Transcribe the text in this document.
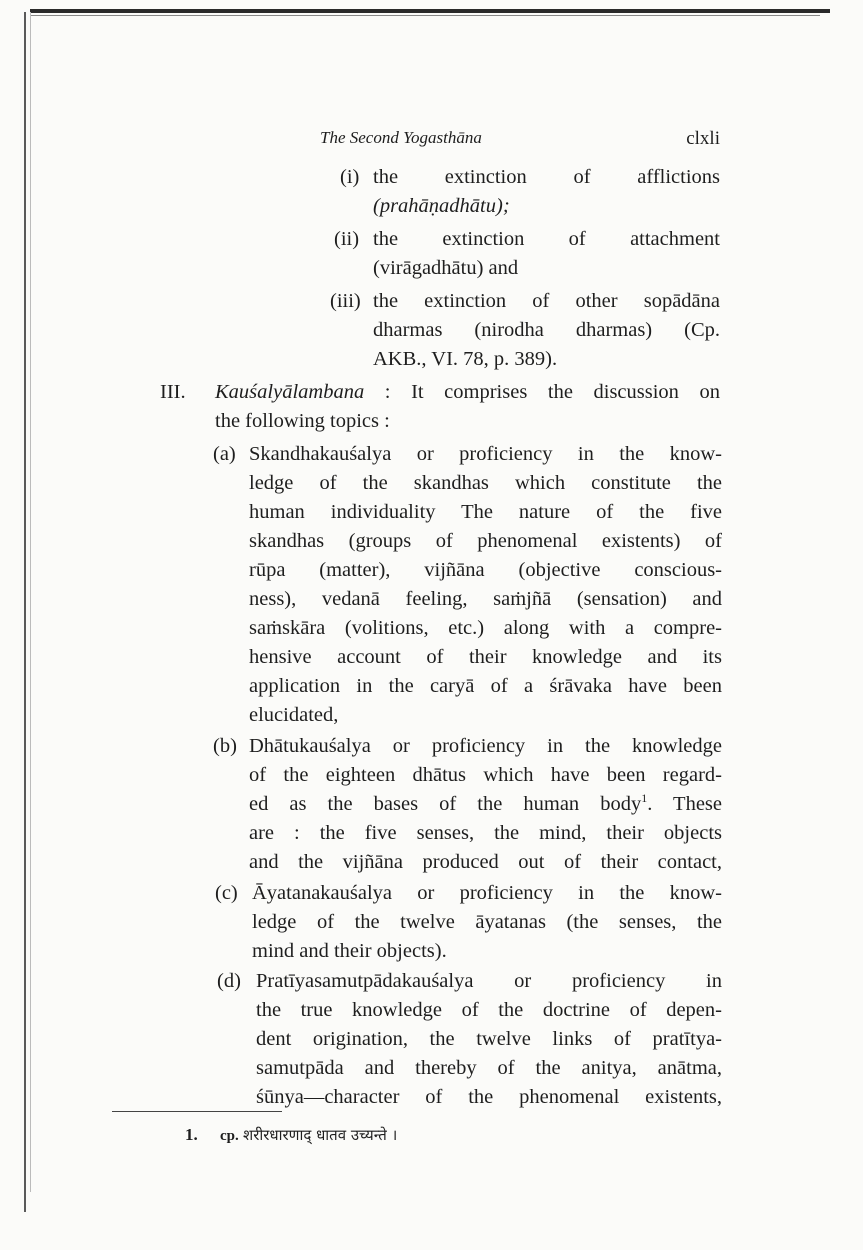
The Second Yogasthāna	clxli
(i) the extinction of afflictions
(prahāṇadhātu);
(ii) the extinction of attachment
(virāgadhātu) and
(iii) the extinction of other sopādāna
dharmas (nirodha dharmas) (Cp.
AKB., VI. 78, p. 389).
III. Kauśalyālambana : It comprises the discussion on
the following topics :
(a) Skandhakauśalya or proficiency in the know-
ledge of the skandhas which constitute the
human individuality The nature of the five
skandhas (groups of phenomenal existents) of
rūpa (matter), vijñāna (objective conscious-
ness), vedanā feeling, saṁjñā (sensation) and
saṁskāra (volitions, etc.) along with a compre-
hensive account of their knowledge and its
application in the caryā of a śrāvaka have been
elucidated,
(b) Dhātukauśalya or proficiency in the knowledge
of the eighteen dhātus which have been regard-
ed as the bases of the human body$^1$. These
are : the five senses, the mind, their objects
and the vijñāna produced out of their contact,
(c) Āyatanakauśalya or proficiency in the know-
ledge of the twelve āyatanas (the senses, the
mind and their objects).
(d) Pratīyasamutpādakauśalya or proficiency in
the true knowledge of the doctrine of depen-
dent origination, the twelve links of pratītya-
samutpāda and thereby of the anitya, anātma,
śūnya—character of the phenomenal existents,
1. cp. शरीरधारणाद् धातव उच्यन्ते ।
